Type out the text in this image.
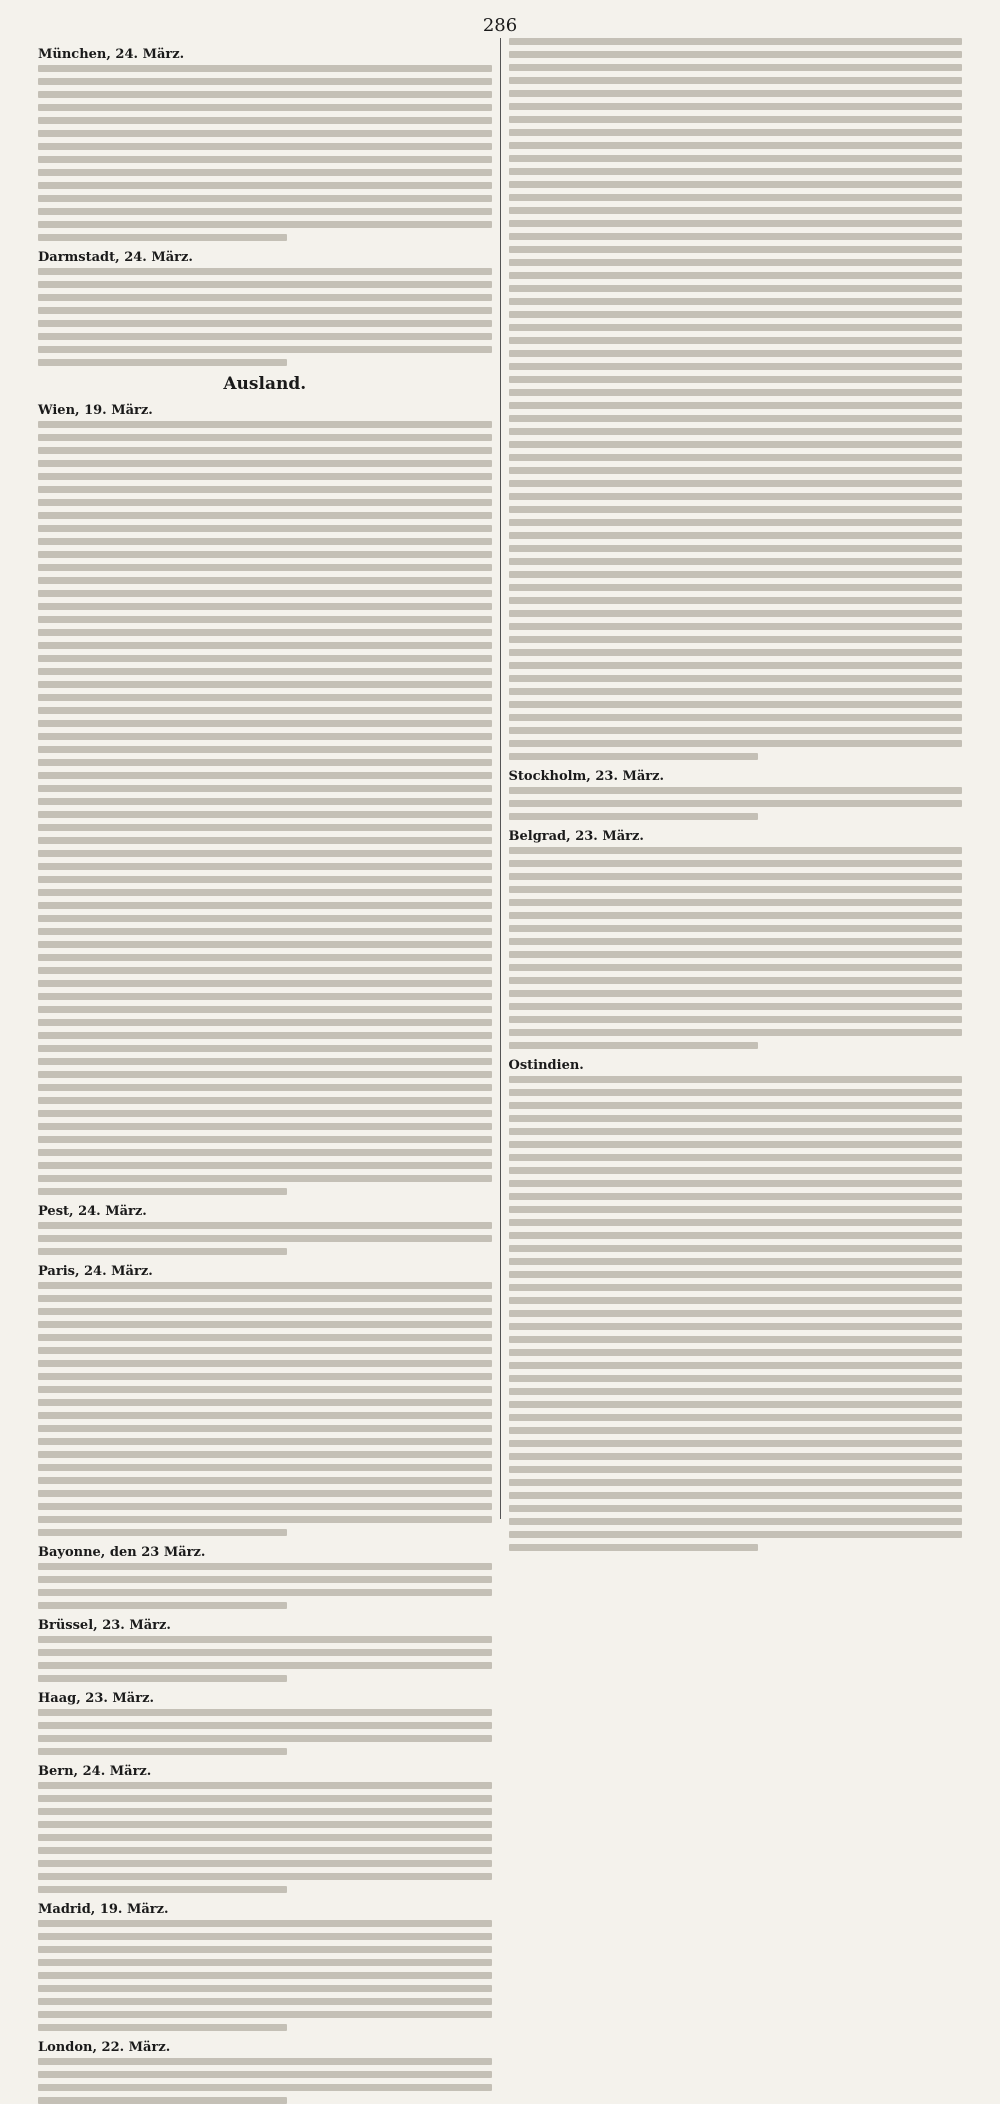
286
München, 24. März.
Darmstadt, 24. März.
Ausland.
Wien, 19. März.
Pest, 24. März.
Paris, 24. März.
Bayonne, den 23 März.
Brüssel, 23. März.
Haag, 23. März.
Bern, 24. März.
Madrid, 19. März.
London, 22. März.
Stockholm, 23. März.
Belgrad, 23. März.
Ostindien.
